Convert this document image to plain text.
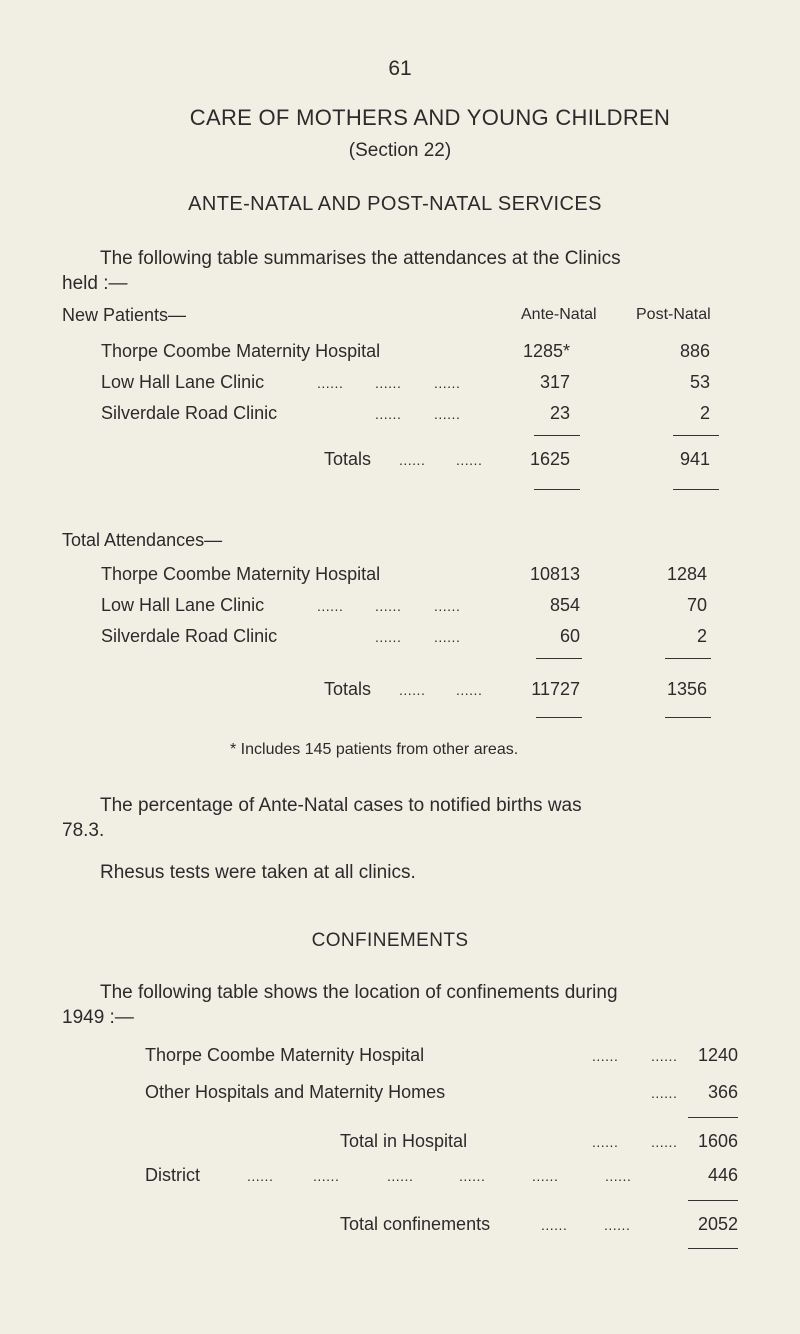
61
CARE OF MOTHERS AND YOUNG CHILDREN
(Section 22)
ANTE-NATAL AND POST-NATAL SERVICES
The following table summarises the attendances at the Clinics
held :—
New Patients—	Ante-Natal Post-Natal
Thorpe Coombe Maternity Hospital	1285*	886
Low Hall Lane Clinic	...... ...... ......	317	53
Silverdale Road Clinic	...... ......	23	2
Totals ...... ......	1625	941
Total Attendances—
Thorpe Coombe Maternity Hospital	10813	1284
Low Hall Lane Clinic	...... ...... ......	854	70
Silverdale Road Clinic	...... ......	60	2
Totals ...... ......	11727	1356
* Includes 145 patients from other areas.
The percentage of Ante-Natal cases to notified births was
78.3.
Rhesus tests were taken at all clinics.
CONFINEMENTS
The following table shows the location of confinements during
1949 :—
Thorpe Coombe Maternity Hospital	...... ......	1240
Other Hospitals and Maternity Homes	......	366
Total in Hospital	...... ......	1606
District	......	......	......	......	......	......	446
Total confinements	......	......	2052
